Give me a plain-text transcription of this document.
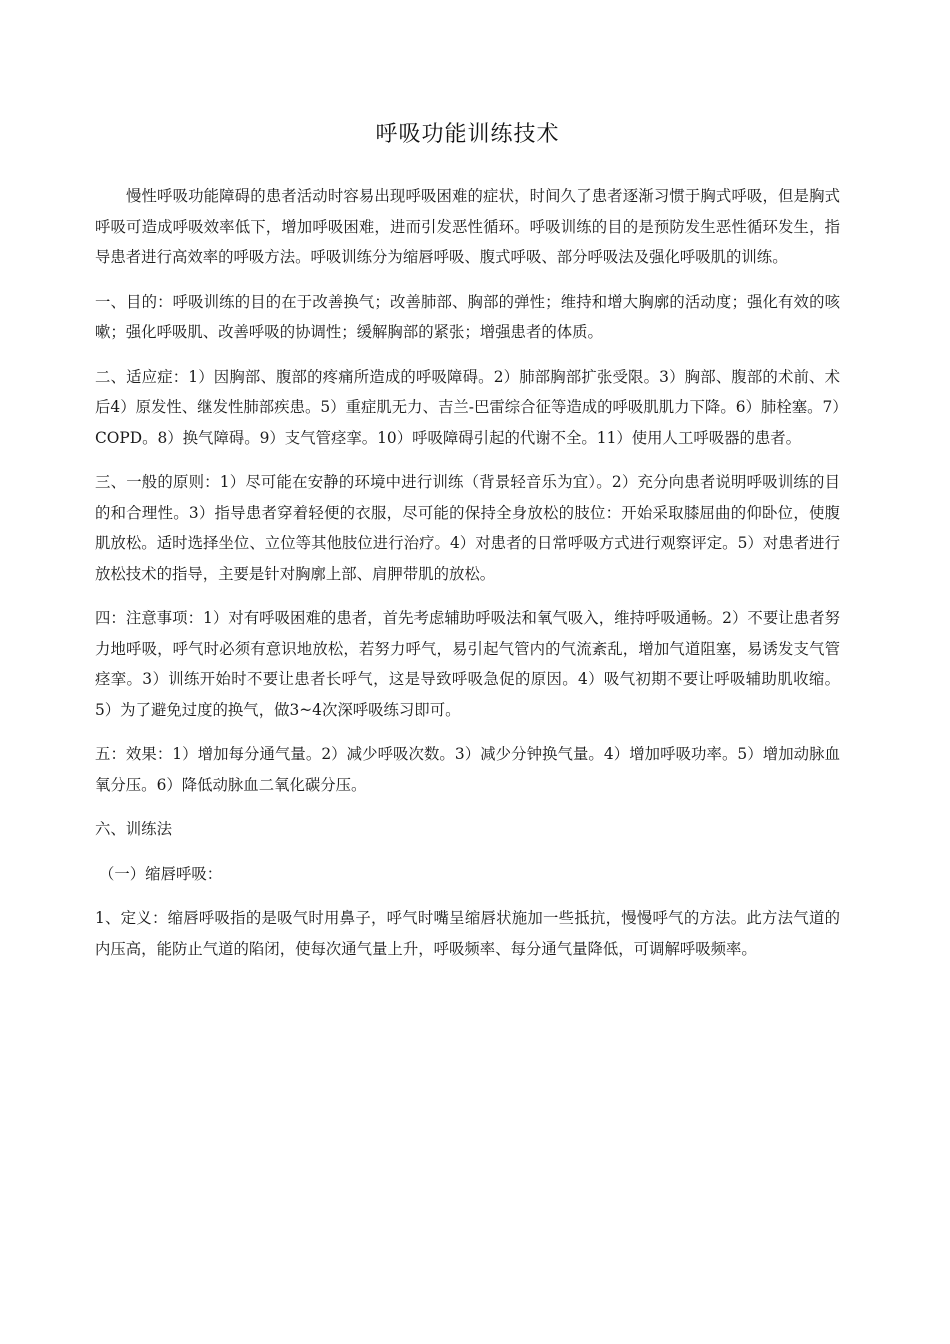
呼吸功能训练技术

慢性呼吸功能障碍的患者活动时容易出现呼吸困难的症状，时间久了患者逐渐习惯于胸式呼吸，但是胸式呼吸可造成呼吸效率低下，增加呼吸困难，进而引发恶性循环。呼吸训练的目的是预防发生恶性循环发生，指导患者进行高效率的呼吸方法。呼吸训练分为缩唇呼吸、腹式呼吸、部分呼吸法及强化呼吸肌的训练。

一、目的：呼吸训练的目的在于改善换气；改善肺部、胸部的弹性；维持和增大胸廓的活动度；强化有效的咳嗽；强化呼吸肌、改善呼吸的协调性；缓解胸部的紧张；增强患者的体质。

二、适应症：1）因胸部、腹部的疼痛所造成的呼吸障碍。2）肺部胸部扩张受限。3）胸部、腹部的术前、术后4）原发性、继发性肺部疾患。5）重症肌无力、吉兰-巴雷综合征等造成的呼吸肌肌力下降。6）肺栓塞。7）COPD。8）换气障碍。9）支气管痉挛。10）呼吸障碍引起的代谢不全。11）使用人工呼吸器的患者。

三、一般的原则：1）尽可能在安静的环境中进行训练（背景轻音乐为宜）。2）充分向患者说明呼吸训练的目的和合理性。3）指导患者穿着轻便的衣服，尽可能的保持全身放松的肢位：开始采取膝屈曲的仰卧位，使腹肌放松。适时选择坐位、立位等其他肢位进行治疗。4）对患者的日常呼吸方式进行观察评定。5）对患者进行放松技术的指导，主要是针对胸廓上部、肩胛带肌的放松。

四：注意事项：1）对有呼吸困难的患者，首先考虑辅助呼吸法和氧气吸入，维持呼吸通畅。2）不要让患者努力地呼吸，呼气时必须有意识地放松，若努力呼气，易引起气管内的气流紊乱，增加气道阻塞，易诱发支气管痉挛。3）训练开始时不要让患者长呼气，这是导致呼吸急促的原因。4）吸气初期不要让呼吸辅助肌收缩。5）为了避免过度的换气，做3~4次深呼吸练习即可。

五：效果：1）增加每分通气量。2）减少呼吸次数。3）减少分钟换气量。4）增加呼吸功率。5）增加动脉血氧分压。6）降低动脉血二氧化碳分压。

六、训练法

（一）缩唇呼吸：

1、定义：缩唇呼吸指的是吸气时用鼻子，呼气时嘴呈缩唇状施加一些抵抗，慢慢呼气的方法。此方法气道的内压高，能防止气道的陷闭，使每次通气量上升，呼吸频率、每分通气量降低，可调解呼吸频率。
